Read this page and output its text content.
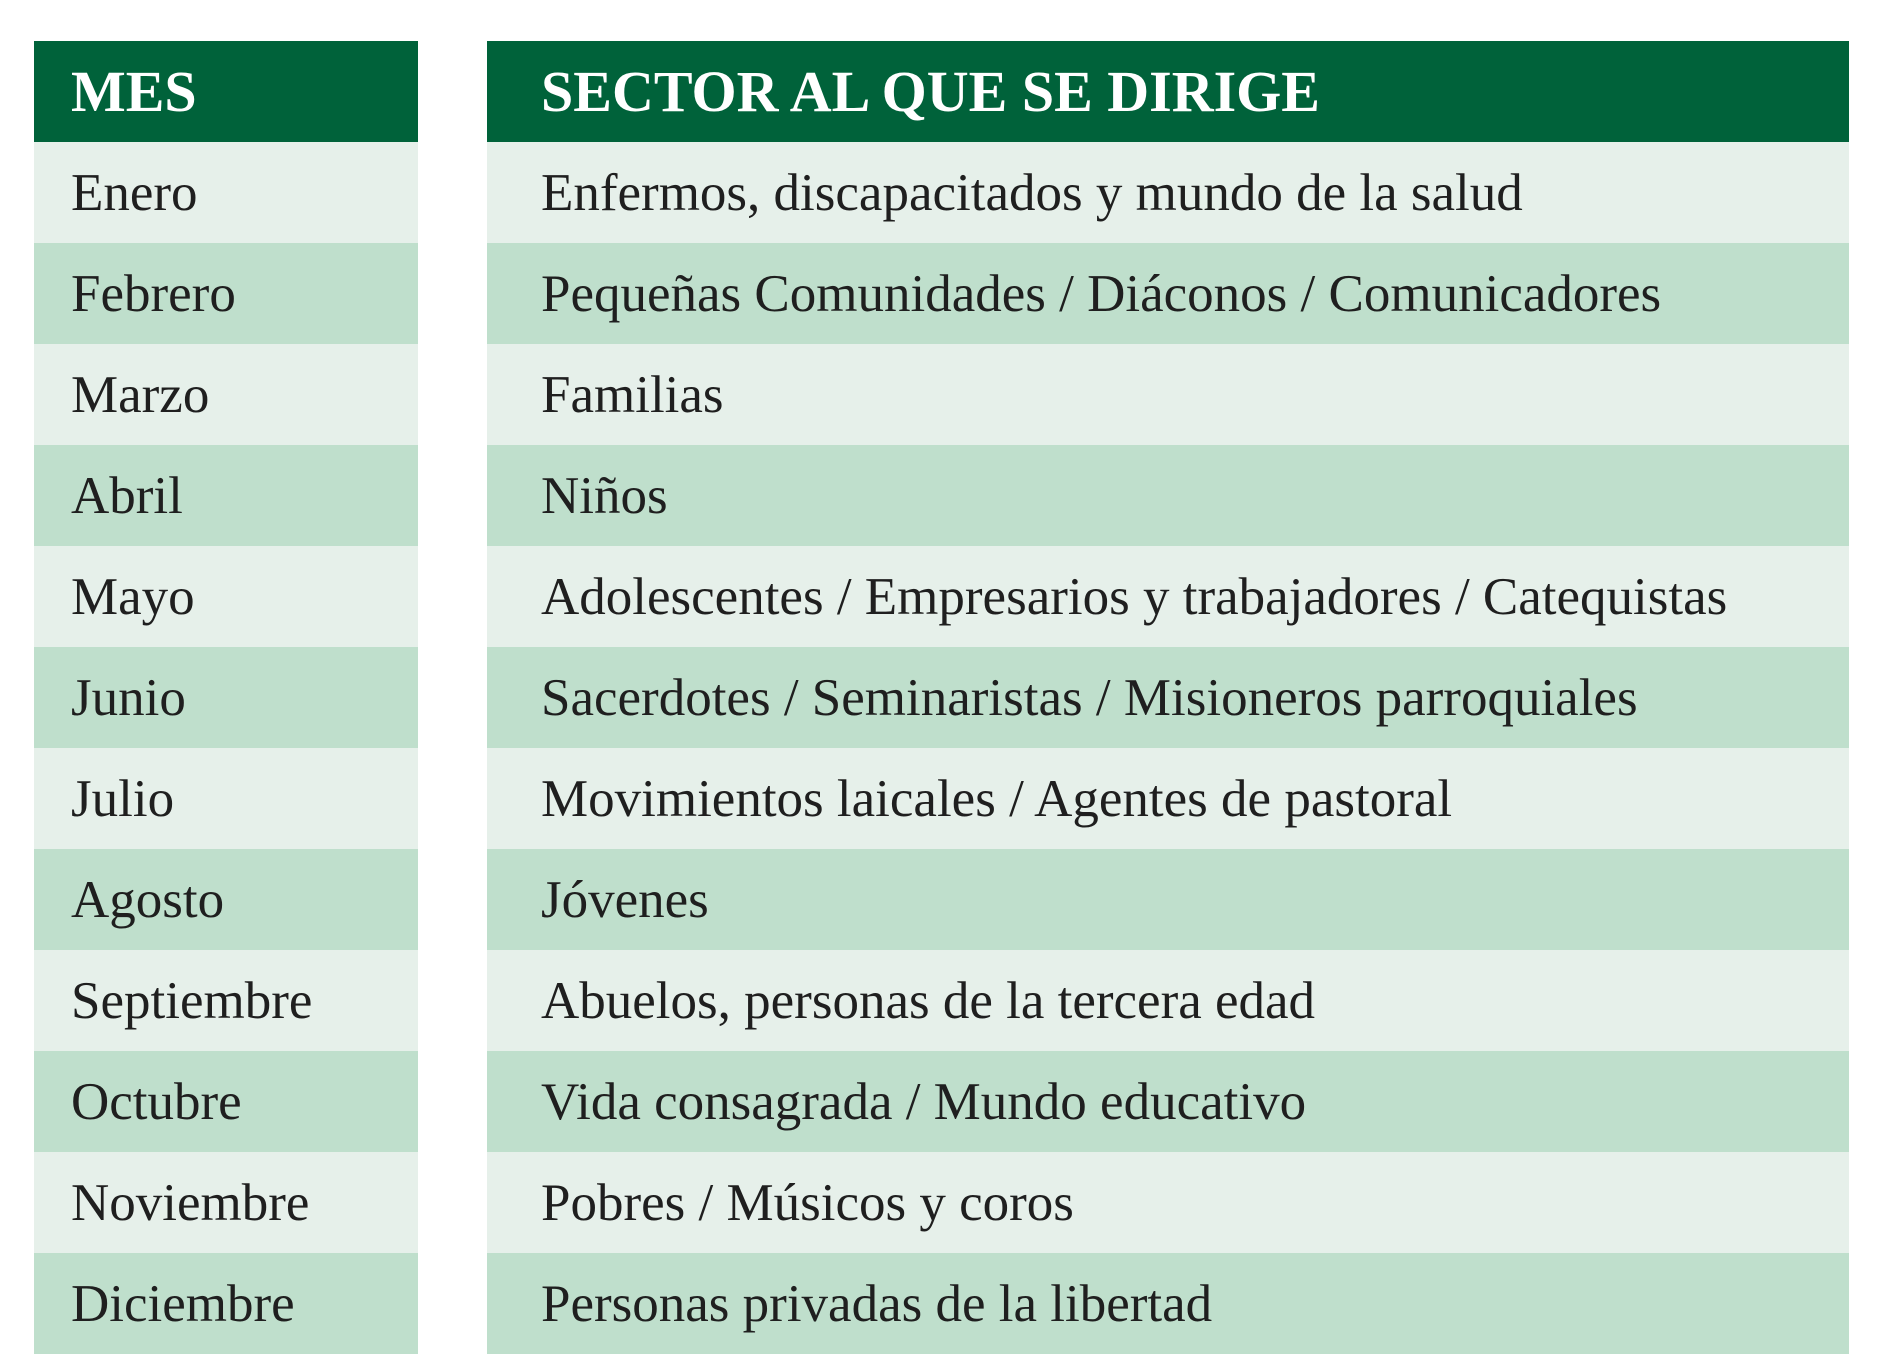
MES
Enero
Febrero
Marzo
Abril
Mayo
Junio
Julio
Agosto
Septiembre
Octubre
Noviembre
Diciembre
SECTOR AL QUE SE DIRIGE
Enfermos, discapacitados y mundo de la salud
Pequeñas Comunidades / Diáconos / Comunicadores
Familias
Niños
Adolescentes / Empresarios y trabajadores / Catequistas
Sacerdotes / Seminaristas / Misioneros parroquiales
Movimientos laicales / Agentes de pastoral
Jóvenes
Abuelos, personas de la tercera edad
Vida consagrada / Mundo educativo
Pobres / Músicos y coros
Personas privadas de la libertad
